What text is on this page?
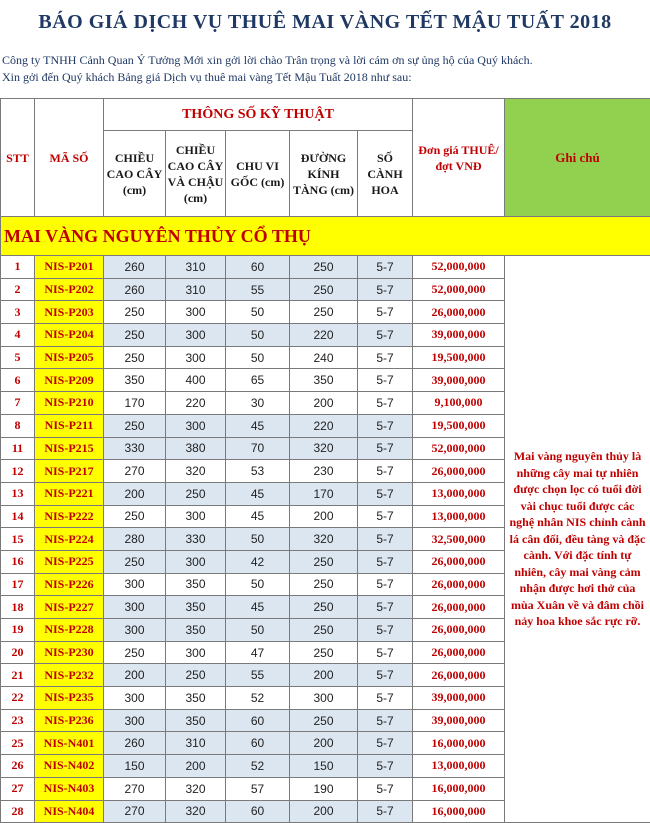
BÁO GIÁ DỊCH VỤ THUÊ MAI VÀNG TẾT MẬU TUẤT 2018
Công ty TNHH Cảnh Quan Ý Tưởng Mới xin gởi lời chào Trân trọng và lời cám ơn sự ủng hộ của Quý khách.
Xin gởi đến Quý khách Bảng giá Dịch vụ thuê mai vàng Tết Mậu Tuất 2018 như sau:
STT	MÃ SỐ	THÔNG SỐ KỸ THUẬT					Đơn giá THUÊ/đợt VNĐ	Ghi chú
		CHIỀU CAO CÂY (cm)	CHIỀU CAO CÂY VÀ CHẬU (cm)	CHU VI GỐC (cm)	ĐƯỜNG KÍNH TÀNG (cm)	SỐ CÀNH HOA		
MAI VÀNG NGUYÊN THỦY CỔ THỤ								
1	NIS-P201	260	310	60	250	5-7	52,000,000	Mai vàng nguyên thủy là những cây mai tự nhiên được chọn lọc có tuổi đời vài chục tuổi được các nghệ nhân NIS chỉnh cành lá cân đối, đều tàng và đặc cành. Với đặc tính tự nhiên, cây mai vàng cảm nhận được hơi thở của mùa Xuân về và đâm chồi nảy hoa khoe sắc rực rỡ.
2	NIS-P202	260	310	55	250	5-7	52,000,000	
3	NIS-P203	250	300	50	250	5-7	26,000,000	
4	NIS-P204	250	300	50	220	5-7	39,000,000	
5	NIS-P205	250	300	50	240	5-7	19,500,000	
6	NIS-P209	350	400	65	350	5-7	39,000,000	
7	NIS-P210	170	220	30	200	5-7	9,100,000	
8	NIS-P211	250	300	45	220	5-7	19,500,000	
11	NIS-P215	330	380	70	320	5-7	52,000,000	
12	NIS-P217	270	320	53	230	5-7	26,000,000	
13	NIS-P221	200	250	45	170	5-7	13,000,000	
14	NIS-P222	250	300	45	200	5-7	13,000,000	
15	NIS-P224	280	330	50	320	5-7	32,500,000	
16	NIS-P225	250	300	42	250	5-7	26,000,000	
17	NIS-P226	300	350	50	250	5-7	26,000,000	
18	NIS-P227	300	350	45	250	5-7	26,000,000	
19	NIS-P228	300	350	50	250	5-7	26,000,000	
20	NIS-P230	250	300	47	250	5-7	26,000,000	
21	NIS-P232	200	250	55	200	5-7	26,000,000	
22	NIS-P235	300	350	52	300	5-7	39,000,000	
23	NIS-P236	300	350	60	250	5-7	39,000,000	
25	NIS-N401	260	310	60	200	5-7	16,000,000	
26	NIS-N402	150	200	52	150	5-7	13,000,000	
27	NIS-N403	270	320	57	190	5-7	16,000,000	
28	NIS-N404	270	320	60	200	5-7	16,000,000	
